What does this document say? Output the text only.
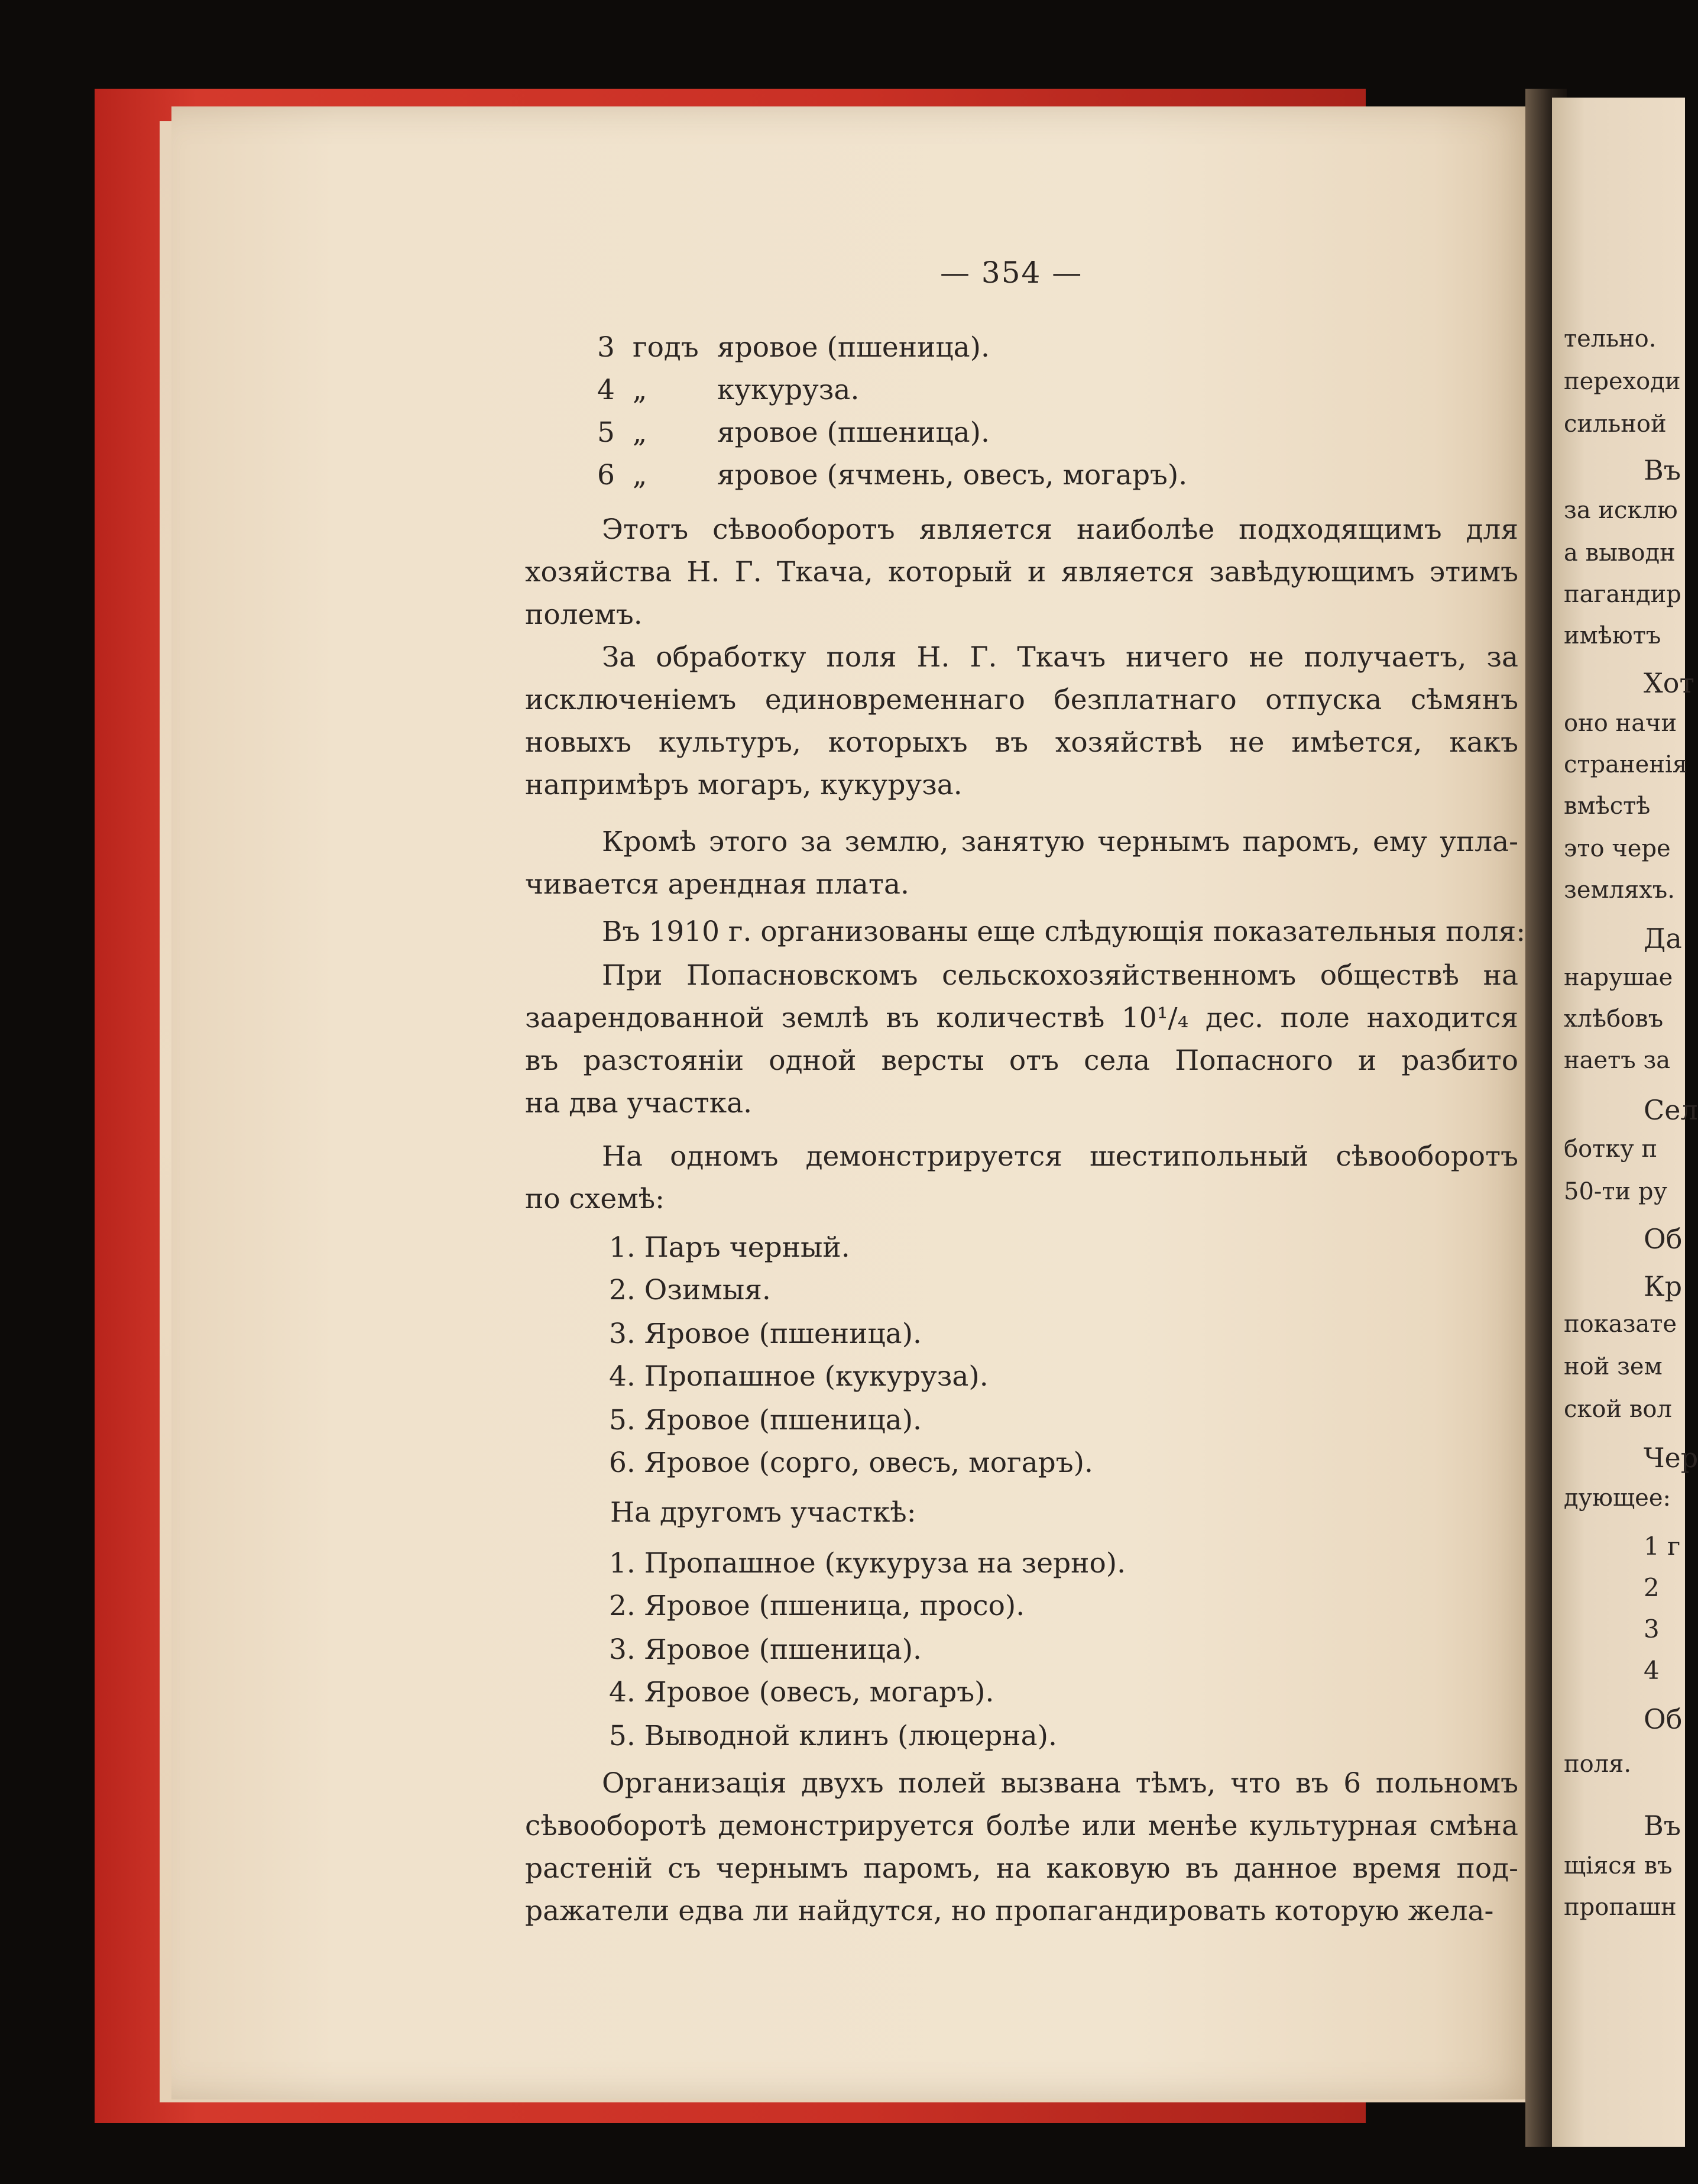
тельно.
переходи
сильной
Въ
за исклю
а выводн
пагандир
имѣютъ
Хот
оно начи
страненія
вмѣстѣ
это чере
земляхъ.
Да
нарушае
хлѣбовъ
наетъ за
Сел
ботку п
50-ти ру
Об
Кр
показате
ной зем
ской вол
Чер
дующее:
1 г
2
3
4
Об
поля.
Въ
щіяся въ
пропашн
— 354 —
3 годъ яровое (пшеница).
4 „	кукуруза.
5 „	яровое (пшеница).
6 „	яровое (ячмень, овесъ, могаръ).
Этотъ сѣвооборотъ является наиболѣе подходящимъ для
хозяйства Н. Г. Ткача, который и является завѣдующимъ этимъ
полемъ.
За обработку поля Н. Г. Ткачъ ничего не получаетъ, за
исключеніемъ единовременнаго безплатнаго отпуска сѣмянъ
новыхъ культуръ, которыхъ въ хозяйствѣ не имѣется, какъ
напримѣръ могаръ, кукуруза.
Кромѣ этого за землю, занятую чернымъ паромъ, ему упла-
чивается арендная плата.
Въ 1910 г. организованы еще слѣдующія показательныя поля:
При Попасновскомъ сельскохозяйственномъ обществѣ на
заарендованной землѣ въ количествѣ 10¹/₄ дес. поле находится
въ разстояніи одной версты отъ села Попасного и разбито
на два участка.
На одномъ демонстрируется шестипольный сѣвооборотъ
по схемѣ:
1. Паръ черный.
2. Озимыя.
3. Яровое (пшеница).
4. Пропашное (кукуруза).
5. Яровое (пшеница).
6. Яровое (сорго, овесъ, могаръ).
На другомъ участкѣ:
1. Пропашное (кукуруза на зерно).
2. Яровое (пшеница, просо).
3. Яровое (пшеница).
4. Яровое (овесъ, могаръ).
5. Выводной клинъ (люцерна).
Организація двухъ полей вызвана тѣмъ, что въ 6 польномъ
сѣвооборотѣ демонстрируется болѣе или менѣе культурная смѣна
растеній съ чернымъ паромъ, на каковую въ данное время под-
ражатели едва ли найдутся, но пропагандировать которую жела-
